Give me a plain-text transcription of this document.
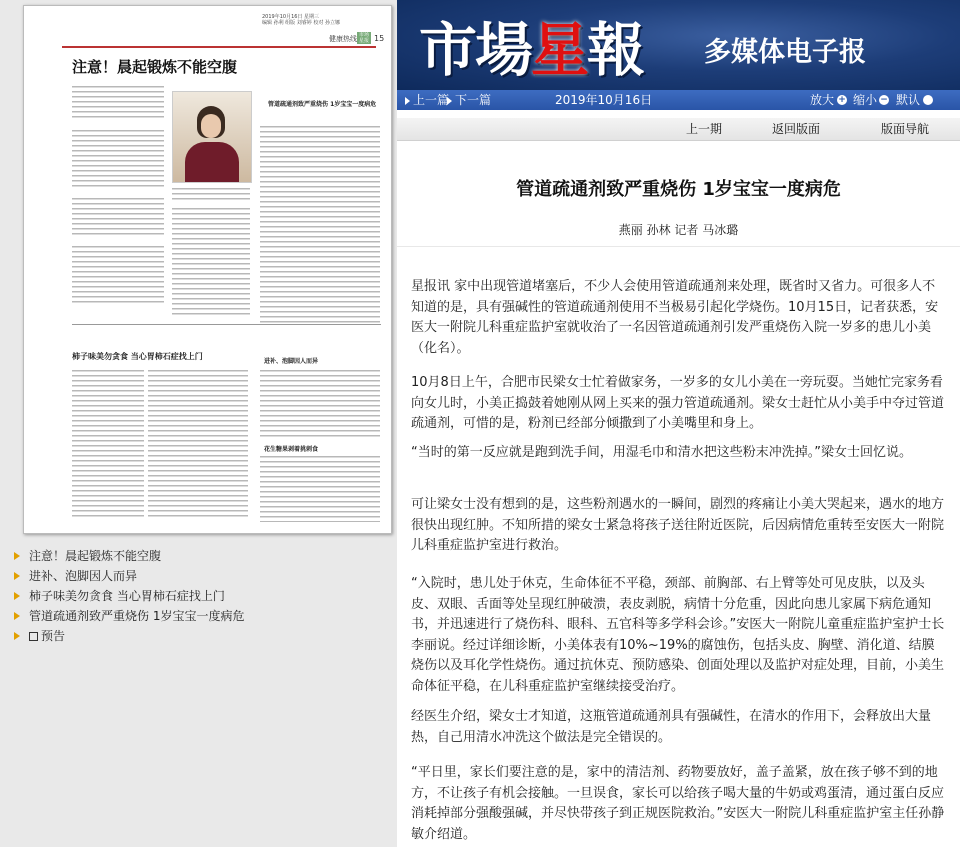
2019年10月16日 星期三
编辑 孙利 组版 刘睿婷 校对 孙立娜
健康热线 市场星报 15
注意！晨起锻炼不能空腹
管道疏通剂致严重烧伤 1岁宝宝一度病危
柿子味美勿贪食 当心胃柿石症找上门
进补、泡脚因人而异
花生糖果剥着挑刺食
注意！晨起锻炼不能空腹
进补、泡脚因人而异
柿子味美勿贪食 当心胃柿石症找上门
管道疏通剂致严重烧伤 1岁宝宝一度病危
预告
市場星報 多媒体电子报
上一篇 下一篇	2019年10月16日	放大 + 缩小 − 默认
上一期	返回版面	版面导航
管道疏通剂致严重烧伤 1岁宝宝一度病危
燕丽 孙林 记者 马冰璐

星报讯 家中出现管道堵塞后，不少人会使用管道疏通剂来处理，既省时又省力。可很多人不知道的是，具有强碱性的管道疏通剂使用不当极易引起化学烧伤。10月15日，记者获悉，安医大一附院儿科重症监护室就收治了一名因管道疏通剂引发严重烧伤入院一岁多的患儿小美（化名）。

10月8日上午，合肥市民梁女士忙着做家务，一岁多的女儿小美在一旁玩耍。当她忙完家务看向女儿时，小美正捣鼓着她刚从网上买来的强力管道疏通剂。梁女士赶忙从小美手中夺过管道疏通剂，可惜的是，粉剂已经部分倾撒到了小美嘴里和身上。

“当时的第一反应就是跑到洗手间，用湿毛巾和清水把这些粉末冲洗掉。”梁女士回忆说。

可让梁女士没有想到的是，这些粉剂遇水的一瞬间，剧烈的疼痛让小美大哭起来，遇水的地方很快出现红肿。不知所措的梁女士紧急将孩子送往附近医院，后因病情危重转至安医大一附院儿科重症监护室进行救治。

“入院时，患儿处于休克，生命体征不平稳，颈部、前胸部、右上臂等处可见皮肤，以及头皮、双眼、舌面等处呈现红肿破溃，表皮剥脱，病情十分危重，因此向患儿家属下病危通知书，并迅速进行了烧伤科、眼科、五官科等多学科会诊。”安医大一附院儿童重症监护室护士长李丽说。经过详细诊断，小美体表有10%~19%的腐蚀伤，包括头皮、胸壁、消化道、结膜烧伤以及耳化学性烧伤。通过抗休克、预防感染、创面处理以及监护对症处理，目前，小美生命体征平稳，在儿科重症监护室继续接受治疗。

经医生介绍，梁女士才知道，这瓶管道疏通剂具有强碱性，在清水的作用下，会释放出大量热，自己用清水冲洗这个做法是完全错误的。

“平日里，家长们要注意的是，家中的清洁剂、药物要放好，盖子盖紧，放在孩子够不到的地方，不让孩子有机会接触。一旦误食，家长可以给孩子喝大量的牛奶或鸡蛋清，通过蛋白反应消耗掉部分强酸强碱，并尽快带孩子到正规医院救治。”安医大一附院儿科重症监护室主任孙静敏介绍道。
